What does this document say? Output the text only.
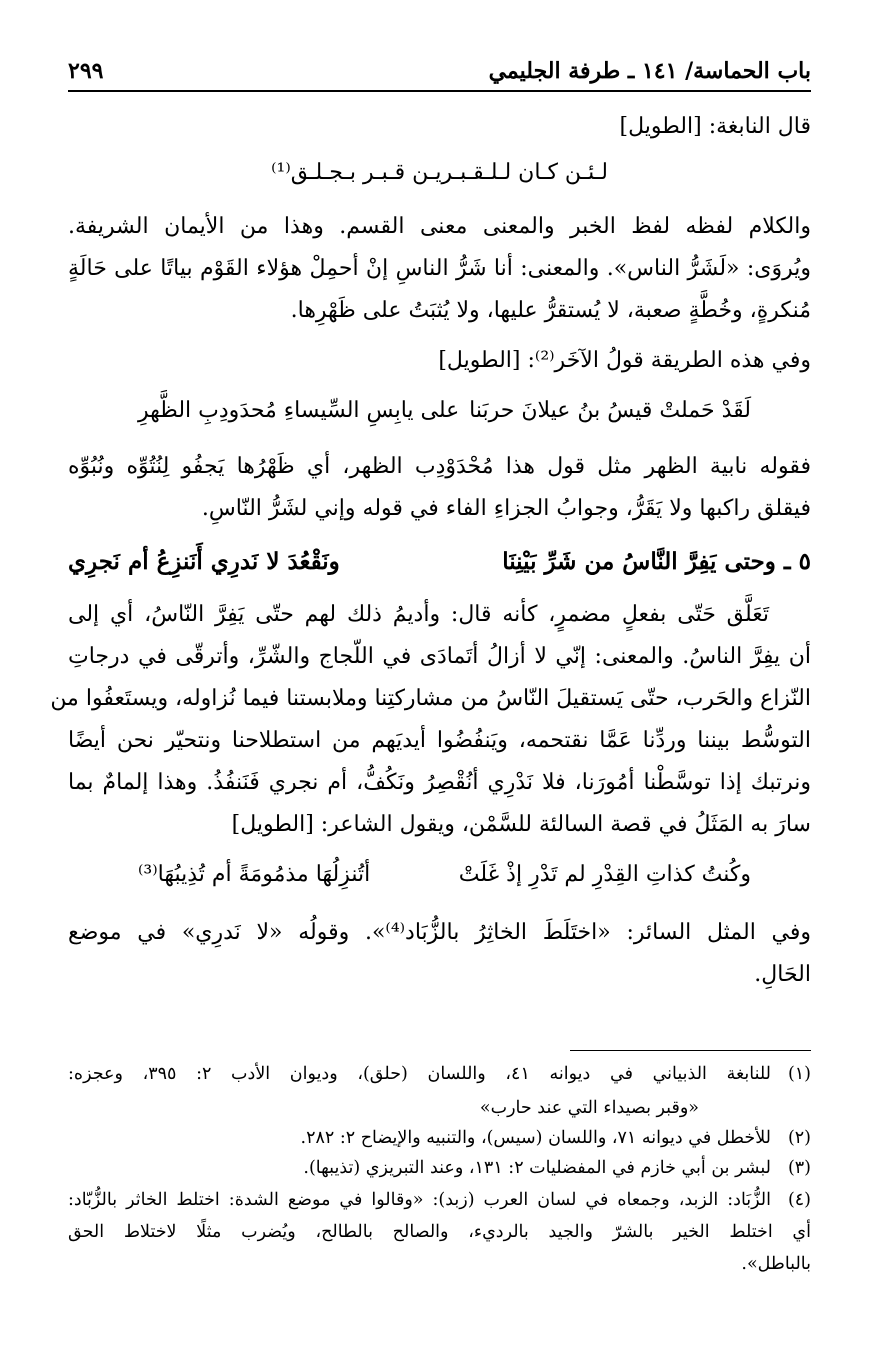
باب الحماسة/ ١٤١ ـ طرفة الجليمي
٢٩٩
قال النابغة: [الطويل]
لـئـن كـان لـلـقـبـريـن قـبـر بـجـلـق⁽¹⁾
والكلام لفظه لفظ الخبر والمعنى معنى القسم. وهذا من الأيمان الشريفة.
ويُروَى: «لَشَرُّ الناس». والمعنى: أنا شَرُّ الناسِ إنْ أحمِلْ هؤلاء القَوْم بياتًا على حَالَةٍ
مُنكرةٍ، وخُطَّةٍ صعبة، لا يُستقرُّ عليها، ولا يُثبَتُ على ظَهْرِها.
وفي هذه الطريقة قولُ الآخَر⁽²⁾: [الطويل]
لَقَدْ حَملتْ قيسُ بنُ عيلانَ حربَنا
على يابِسِ السِّيساءِ مُحدَودِبِ الظَّهرِ
فقوله نابية الظهر مثل قول هذا مُحْدَوْدِب الظهر، أي ظَهْرُها يَجفُو لِنُتُوِّه ونُبُوِّه
فيقلق راكبها ولا يَقَرُّ، وجوابُ الجزاءِ الفاء في قوله وإني لشَرُّ النّاسِ.
٥ ـ وحتى يَفِرَّ النَّاسُ من شَرِّ بَيْنِنَا
ونَقْعُدَ لا نَدرِي أَنَنزِعُ أم نَجرِي
تَعَلَّق حَتّى بفعلٍ مضمرٍ، كأنه قال: وأديمُ ذلك لهم حتّى يَفِرَّ النّاسُ، أي إلى
أن يفِرَّ الناسُ. والمعنى: إنّي لا أزالُ أتَمادَى في اللّجاج والشّرِّ، وأترقّى في درجاتِ
النّزاع والحَرب، حتّى يَستقيلَ النّاسُ من مشاركتِنا وملابستنا فيما نُزاوله، ويستَعفُوا من
التوسُّط بيننا وردِّنا عَمَّا نقتحمه، ويَنفُضُوا أيديَهم من استطلاحنا ونتحيّر نحن أيضًا
ونرتبك إذا توسَّطْنا أمُورَنا، فلا نَدْرِي أنُقْصِرُ ونَكُفُّ، أم نجري فَنَنفُذُ. وهذا إلمامٌ بما
سارَ به المَثَلُ في قصة السالئة للسَّمْن، ويقول الشاعر: [الطويل]
وكُنتُ كذاتِ القِدْرِ لم تَدْرِ إذْ غَلَتْ
أتُنزِلُهَا مذمُومَةً أم تُذِيبُهَا⁽³⁾
وفي المثل السائر: «اختَلَطَ الخاثِرُ بالزُّبَاد⁽⁴⁾». وقولُه «لا نَدرِي» في موضع
الحَالِ.
(١)
للنابغة الذبياني في ديوانه ٤١، واللسان (حلق)، وديوان الأدب ٢: ٣٩٥، وعجزه:
«وقبر بصيداء التي عند حارب»
(٢)
للأخطل في ديوانه ٧١، واللسان (سيس)، والتنبيه والإيضاح ٢: ٢٨٢.
(٣)
لبشر بن أبي خازم في المفضليات ٢: ١٣١، وعند التبريزي (تذيبها).
(٤)
الزُّبَاد: الزبد، وجمعاه في لسان العرب (زبد): «وقالوا في موضع الشدة: اختلط الخاثر بالزُّبّاد:
أي اختلط الخير بالشرّ والجيد بالرديء، والصالح بالطالح، ويُضرب مثلًا لاختلاط الحق
بالباطل».
